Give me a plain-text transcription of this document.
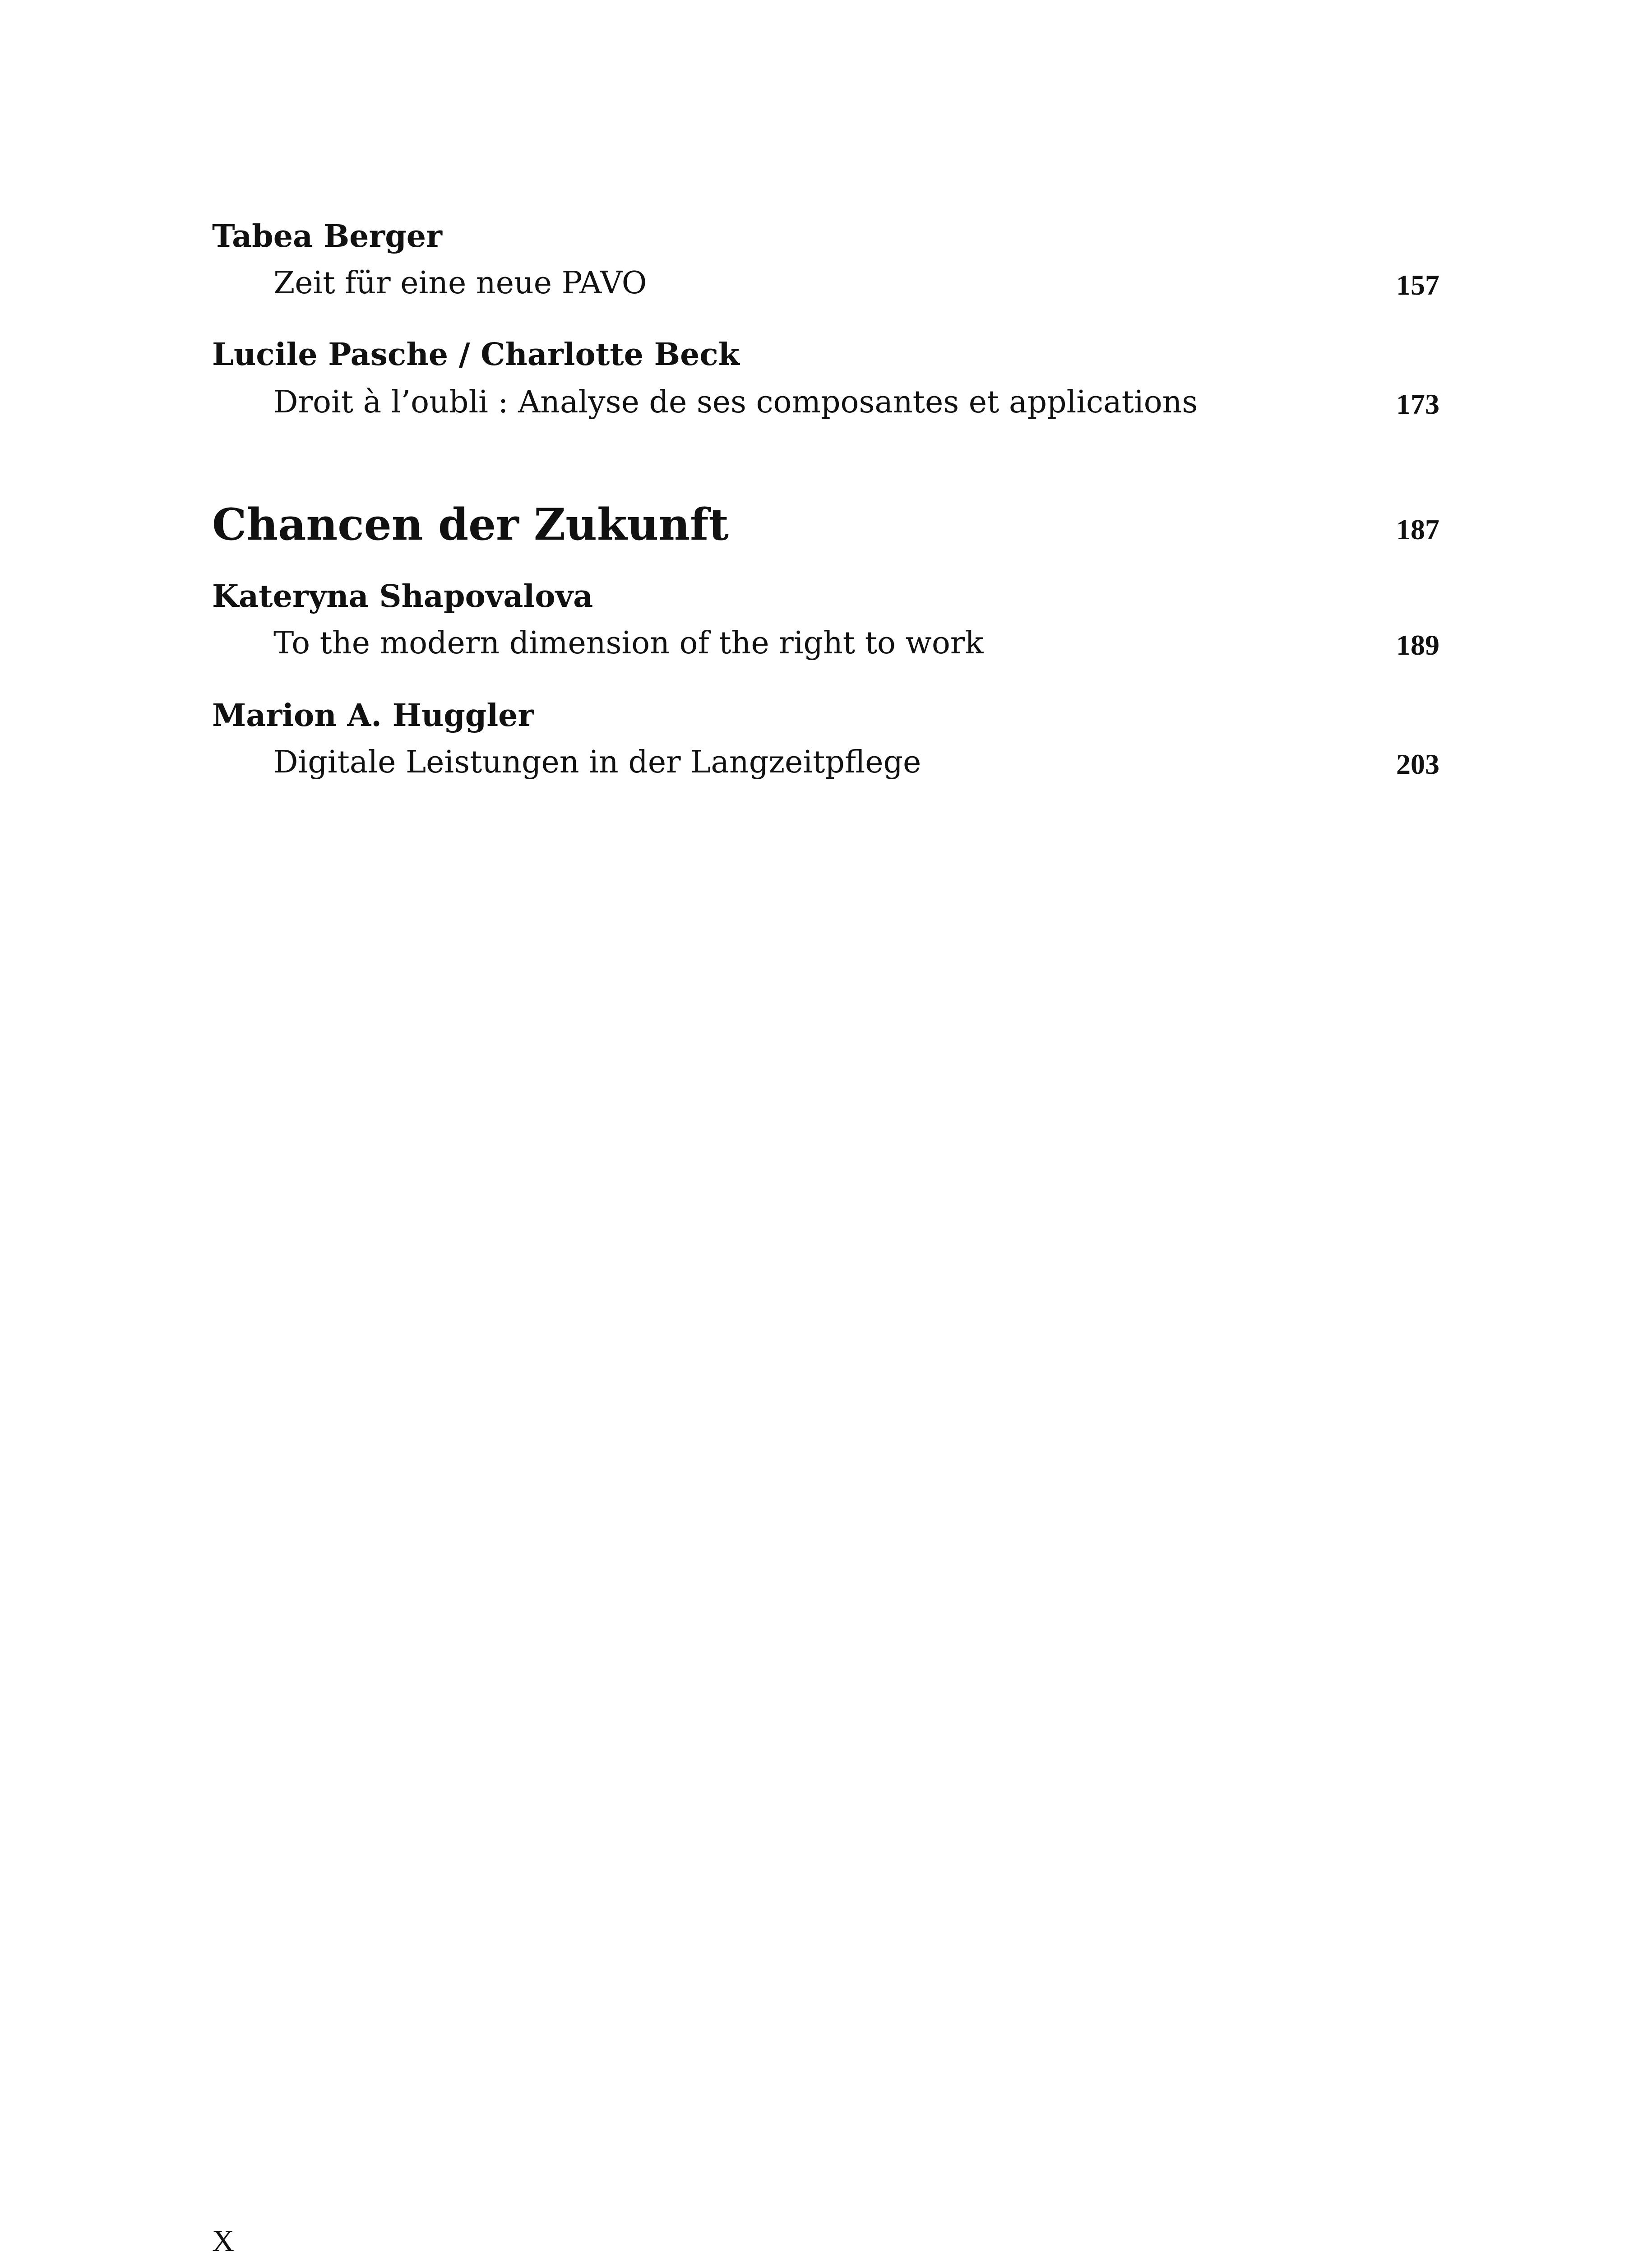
Tabea Berger
Zeit für eine neue PAVO	157
Lucile Pasche / Charlotte Beck
Droit à l’oubli : Analyse de ses composantes et applications	173
Chancen der Zukunft	187
Kateryna Shapovalova
To the modern dimension of the right to work	189
Marion A. Huggler
Digitale Leistungen in der Langzeitpflege	203
X
